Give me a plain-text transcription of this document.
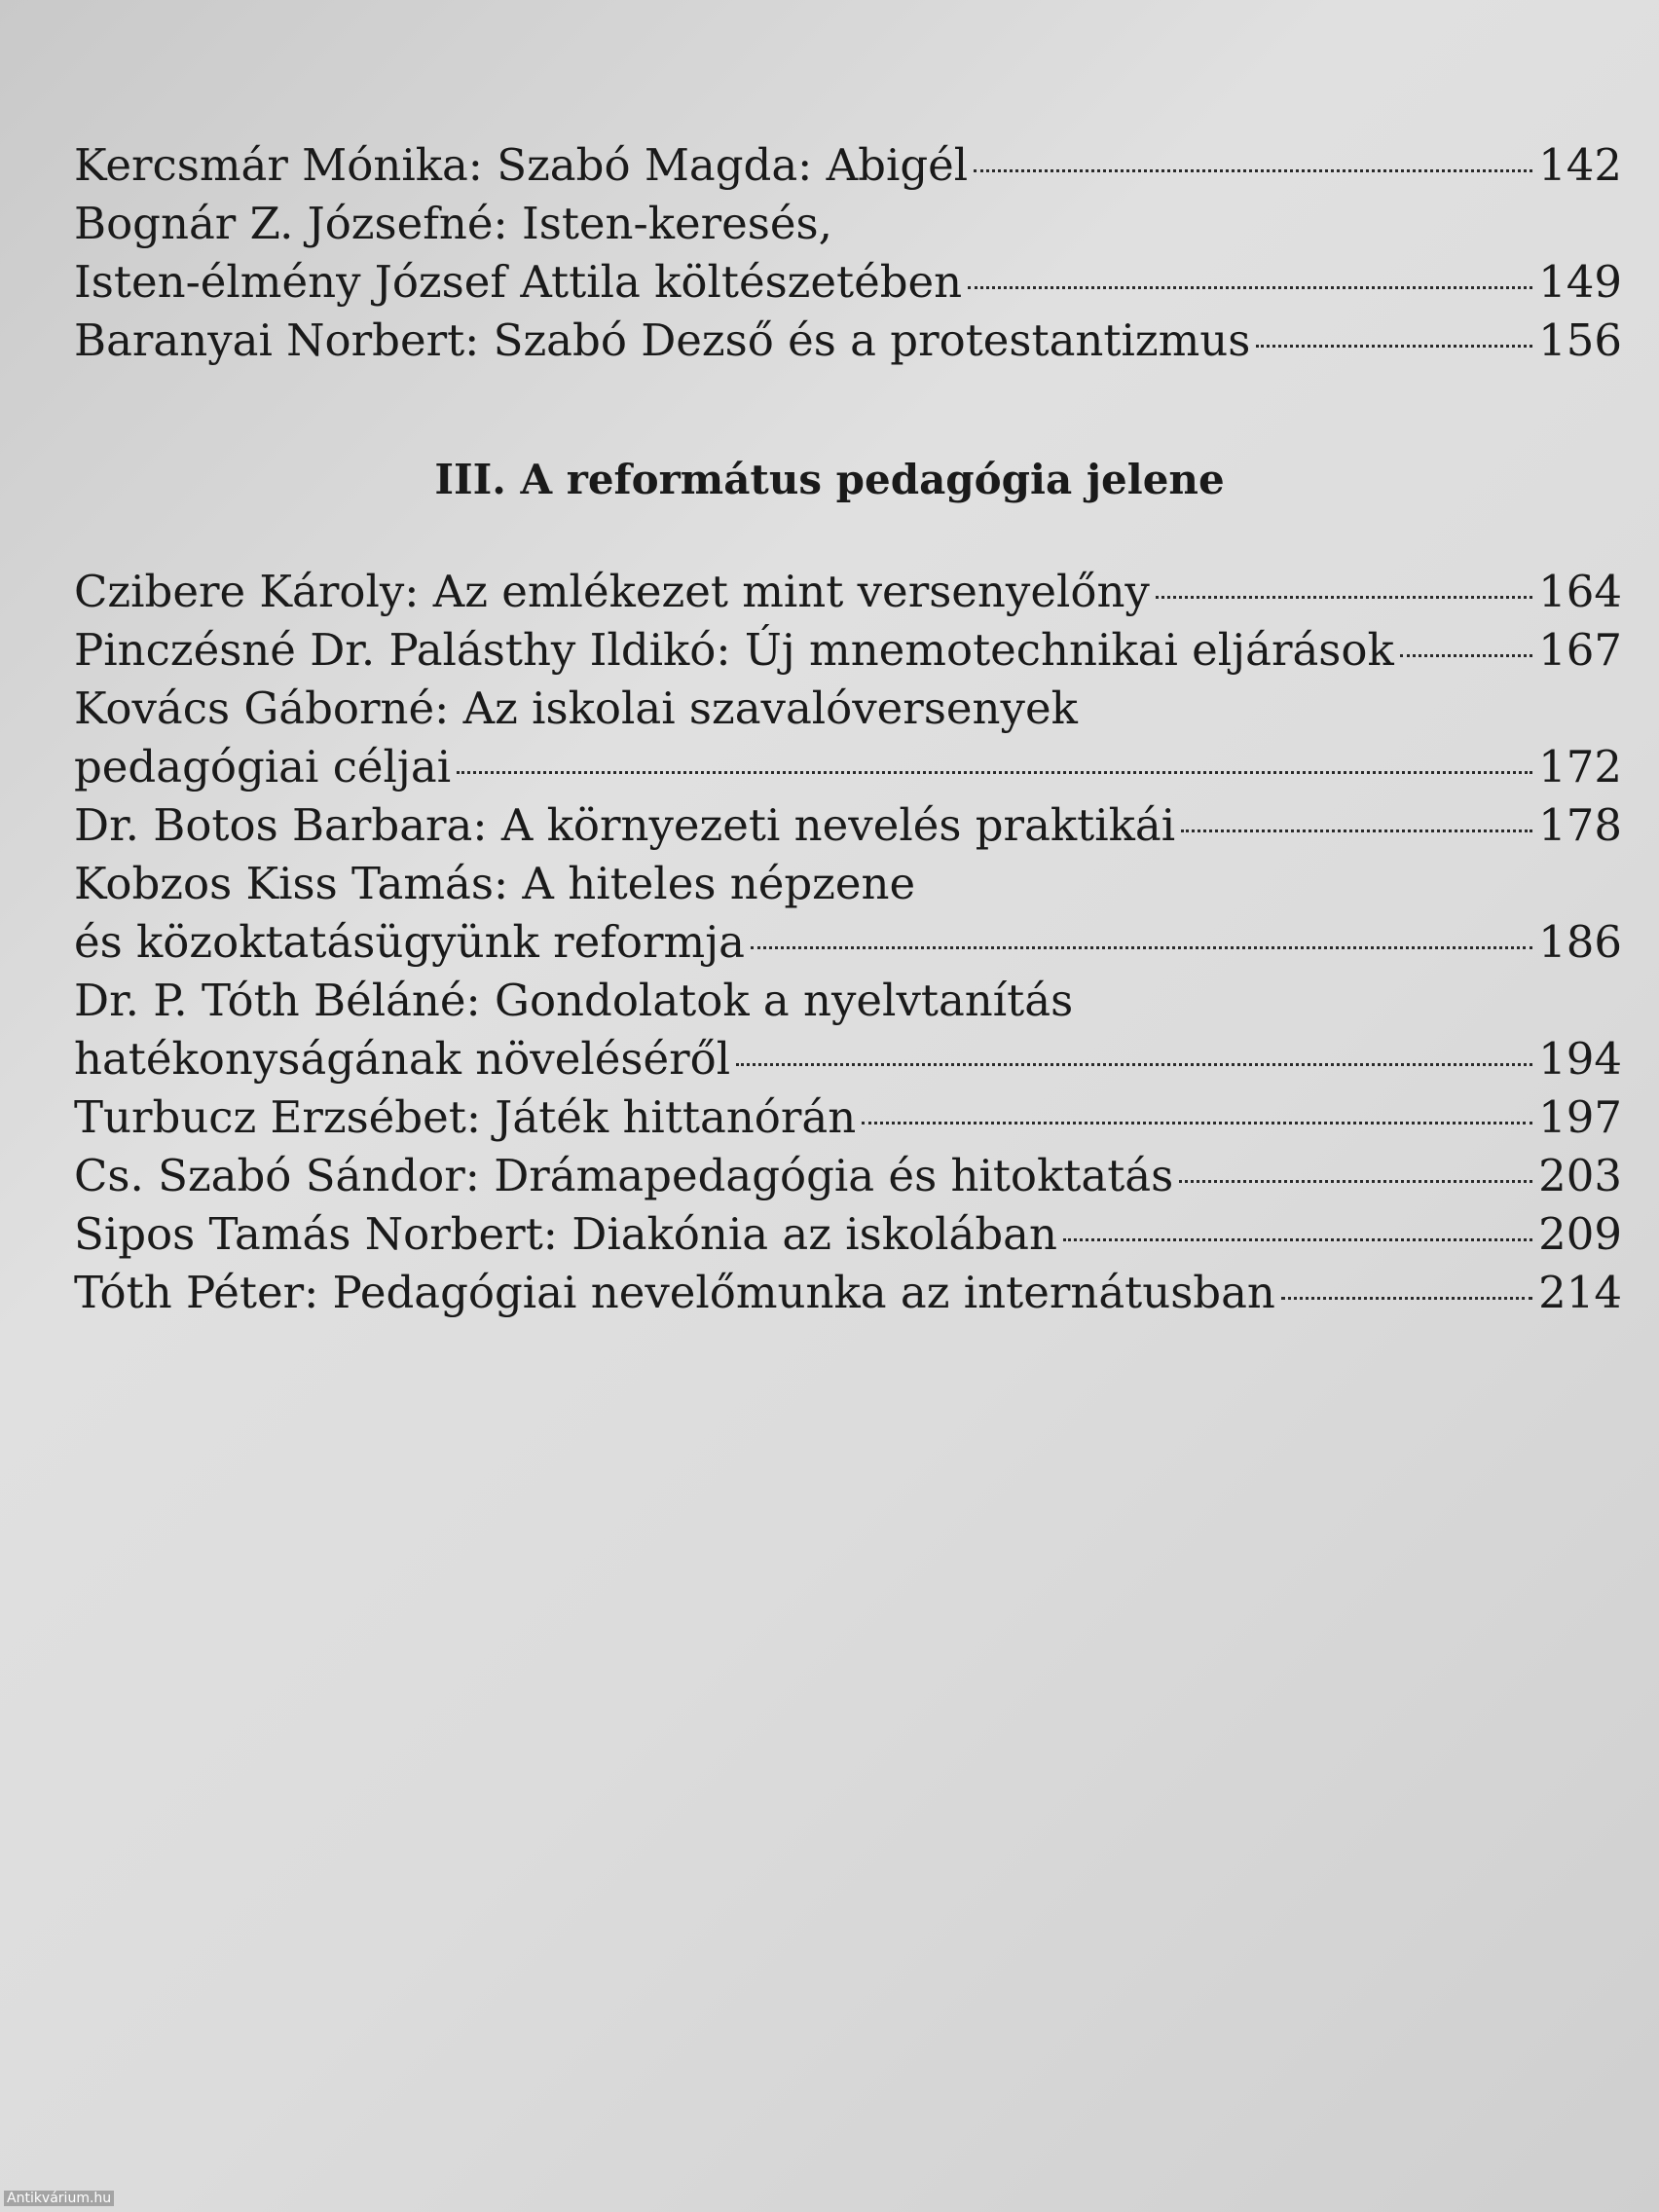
Kercsmár Mónika: Szabó Magda: Abigél	142
Bognár Z. Józsefné: Isten-keresés,
Isten-élmény József Attila költészetében	149
Baranyai Norbert: Szabó Dezső és a protestantizmus	156
III. A református pedagógia jelene
Czibere Károly: Az emlékezet mint versenyelőny	164
Pinczésné Dr. Palásthy Ildikó: Új mnemotechnikai eljárások	167
Kovács Gáborné: Az iskolai szavalóversenyek
pedagógiai céljai	172
Dr. Botos Barbara: A környezeti nevelés praktikái	178
Kobzos Kiss Tamás: A hiteles népzene
és közoktatásügyünk reformja	186
Dr. P. Tóth Béláné: Gondolatok a nyelvtanítás
hatékonyságának növeléséről	194
Turbucz Erzsébet: Játék hittanórán	197
Cs. Szabó Sándor: Drámapedagógia és hitoktatás	203
Sipos Tamás Norbert: Diakónia az iskolában	209
Tóth Péter: Pedagógiai nevelőmunka az internátusban	214
Antikvárium.hu
